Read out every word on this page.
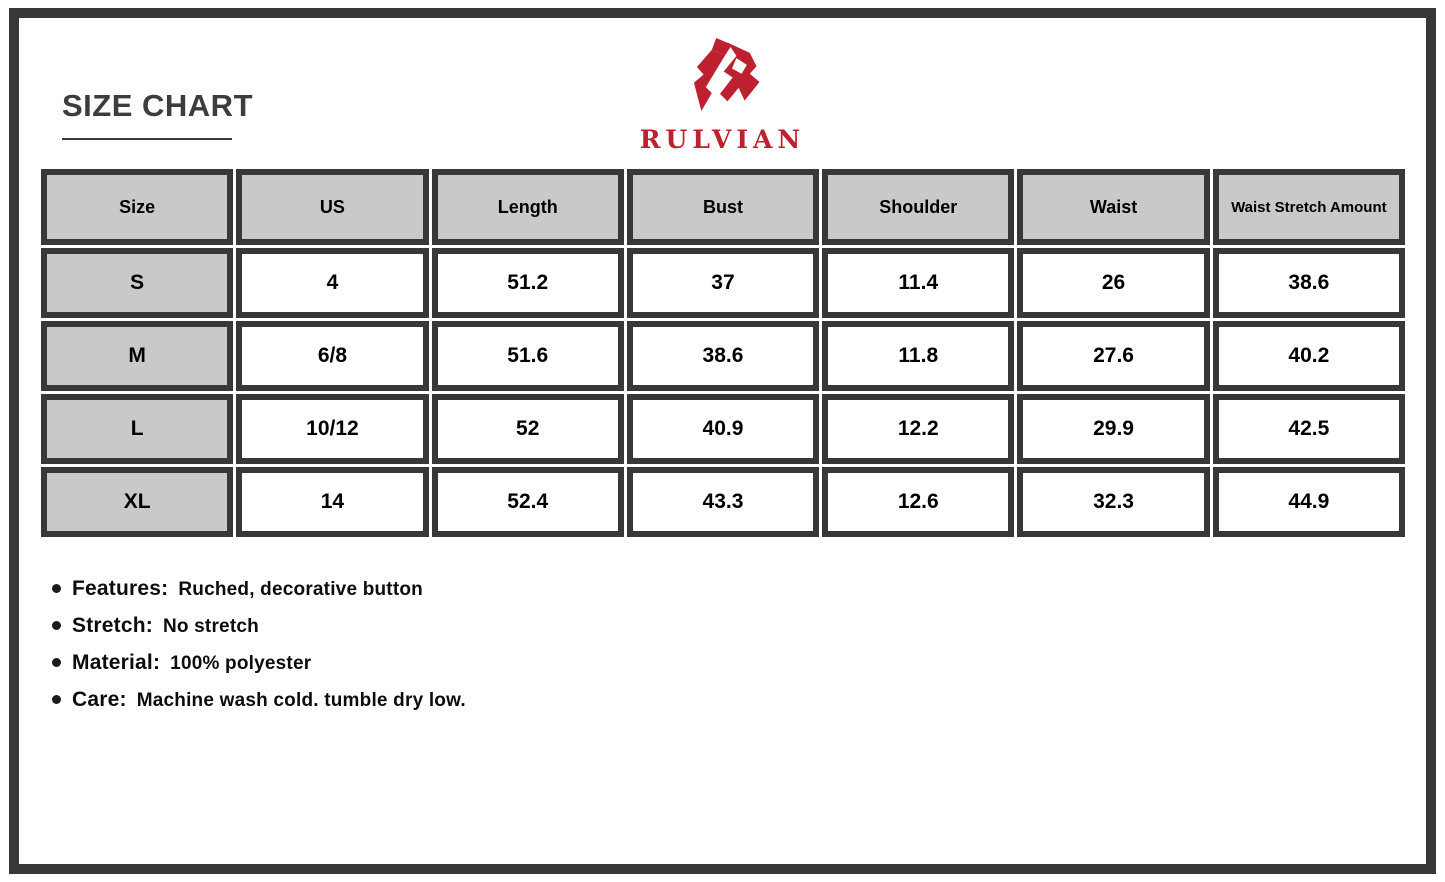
SIZE CHART
RULVIAN
Size	US	Length	Bust	Shoulder	Waist	Waist Stretch Amount
S	4	51.2	37	11.4	26	38.6
M	6/8	51.6	38.6	11.8	27.6	40.2
L	10/12	52	40.9	12.2	29.9	42.5
XL	14	52.4	43.3	12.6	32.3	44.9
Features: Ruched, decorative button
Stretch: No stretch
Material: 100% polyester
Care: Machine wash cold. tumble dry low.
